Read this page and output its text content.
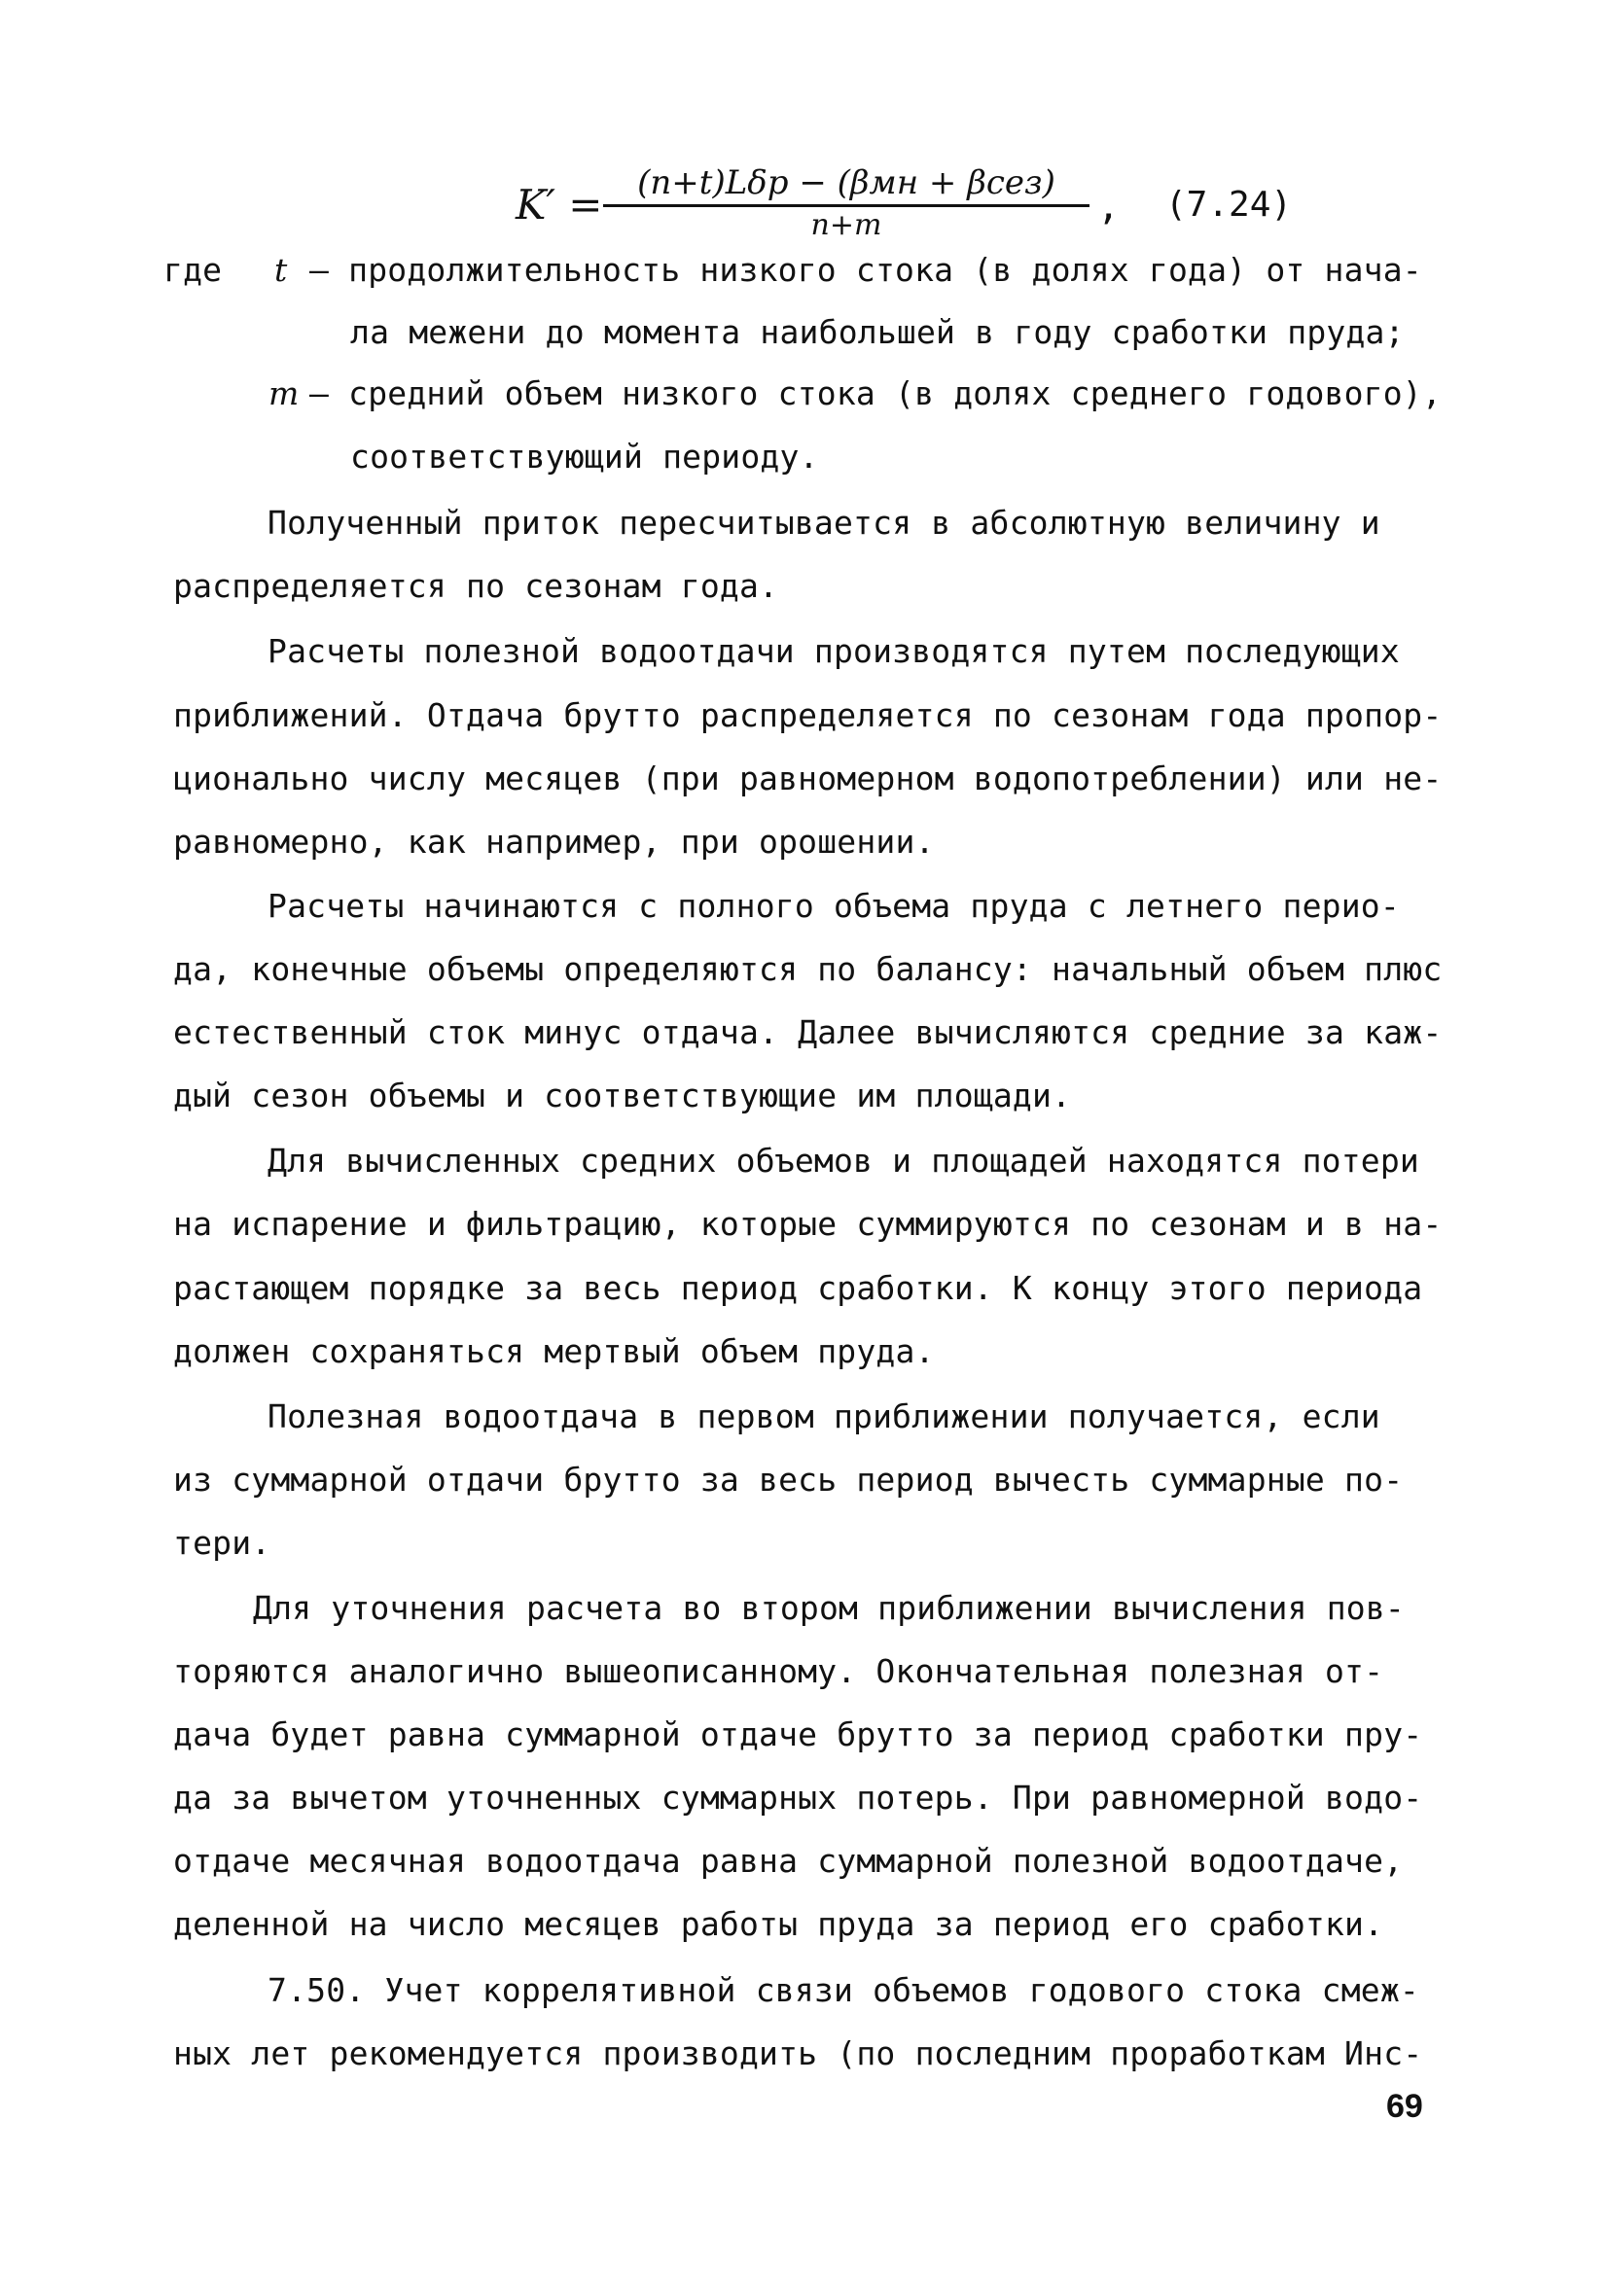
K′ =	(n+t)Lδp − (βмн + βсез)
n+m	, (7.24)
где t – продолжительность низкого стока (в долях года) от нача-
ла межени до момента наибольшей в году сработки пруда;
m – средний объем низкого стока (в долях среднего годового),
соответствующий периоду.
Полученный приток пересчитывается в абсолютную величину и
распределяется по сезонам года.
Расчеты полезной водоотдачи производятся путем последующих
приближений. Отдача брутто распределяется по сезонам года пропор-
ционально числу месяцев (при равномерном водопотреблении) или не-
равномерно, как например, при орошении.
Расчеты начинаются с полного объема пруда с летнего перио-
да, конечные объемы определяются по балансу: начальный объем плюс
естественный сток минус отдача. Далее вычисляются средние за каж-
дый сезон объемы и соответствующие им площади.
Для вычисленных средних объемов и площадей находятся потери
на испарение и фильтрацию, которые суммируются по сезонам и в на-
растающем порядке за весь период сработки. К концу этого периода
должен сохраняться мертвый объем пруда.
Полезная водоотдача в первом приближении получается, если
из суммарной отдачи брутто за весь период вычесть суммарные по-
тери.
Для уточнения расчета во втором приближении вычисления пов-
торяются аналогично вышеописанному. Окончательная полезная от-
дача будет равна суммарной отдаче брутто за период сработки пру-
да за вычетом уточненных суммарных потерь. При равномерной водо-
отдаче месячная водоотдача равна суммарной полезной водоотдаче,
деленной на число месяцев работы пруда за период его сработки.
7.50. Учет коррелятивной связи объемов годового стока смеж-
ных лет рекомендуется производить (по последним проработкам Инс-
69
